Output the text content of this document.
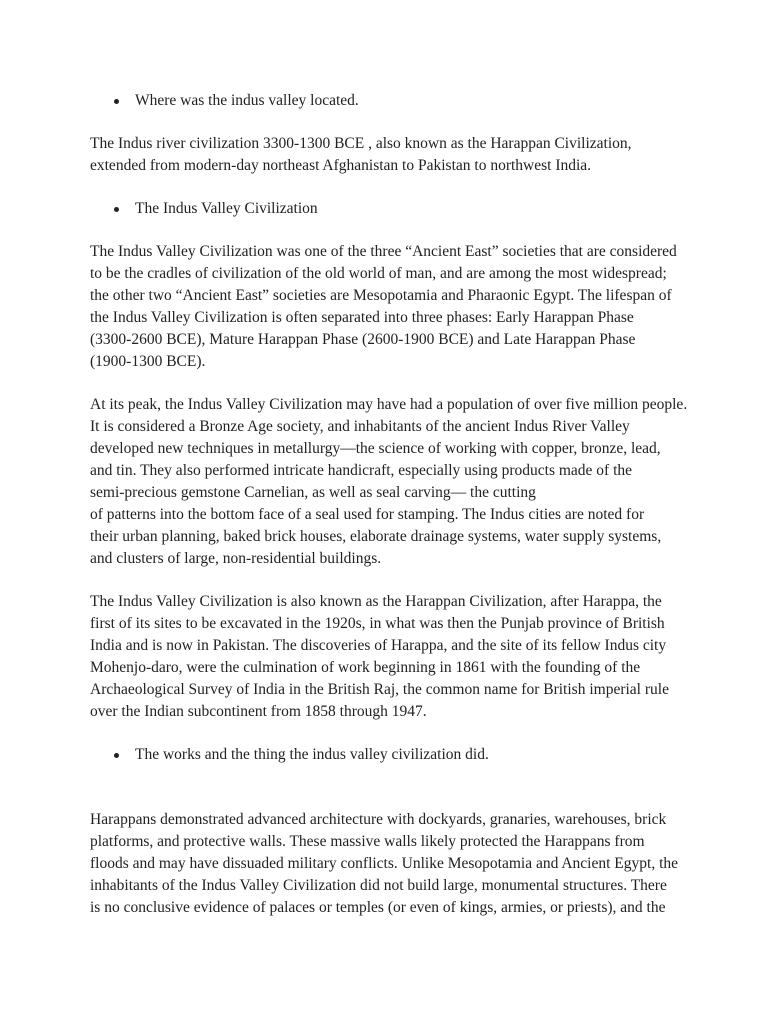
Where was the indus valley located.

The Indus river civilization 3300-1300 BCE , also known as the Harappan Civilization,
extended from modern-day northeast Afghanistan to Pakistan to northwest India.

The Indus Valley Civilization

The Indus Valley Civilization was one of the three “Ancient East” societies that are considered
to be the cradles of civilization of the old world of man, and are among the most widespread;
the other two “Ancient East” societies are Mesopotamia and Pharaonic Egypt. The lifespan of
the Indus Valley Civilization is often separated into three phases: Early Harappan Phase
(3300-2600 BCE), Mature Harappan Phase (2600-1900 BCE) and Late Harappan Phase
(1900-1300 BCE).

At its peak, the Indus Valley Civilization may have had a population of over five million people.
It is considered a Bronze Age society, and inhabitants of the ancient Indus River Valley
developed new techniques in metallurgy—the science of working with copper, bronze, lead,
and tin. They also performed intricate handicraft, especially using products made of the
semi-precious gemstone Carnelian, as well as seal carving— the cutting
of patterns into the bottom face of a seal used for stamping. The Indus cities are noted for
their urban planning, baked brick houses, elaborate drainage systems, water supply systems,
and clusters of large, non-residential buildings.

The Indus Valley Civilization is also known as the Harappan Civilization, after Harappa, the
first of its sites to be excavated in the 1920s, in what was then the Punjab province of British
India and is now in Pakistan. The discoveries of Harappa, and the site of its fellow Indus city
Mohenjo-daro, were the culmination of work beginning in 1861 with the founding of the
Archaeological Survey of India in the British Raj, the common name for British imperial rule
over the Indian subcontinent from 1858 through 1947.

The works and the thing the indus valley civilization did.

Harappans demonstrated advanced architecture with dockyards, granaries, warehouses, brick
platforms, and protective walls. These massive walls likely protected the Harappans from
floods and may have dissuaded military conflicts. Unlike Mesopotamia and Ancient Egypt, the
inhabitants of the Indus Valley Civilization did not build large, monumental structures. There
is no conclusive evidence of palaces or temples (or even of kings, armies, or priests), and the
